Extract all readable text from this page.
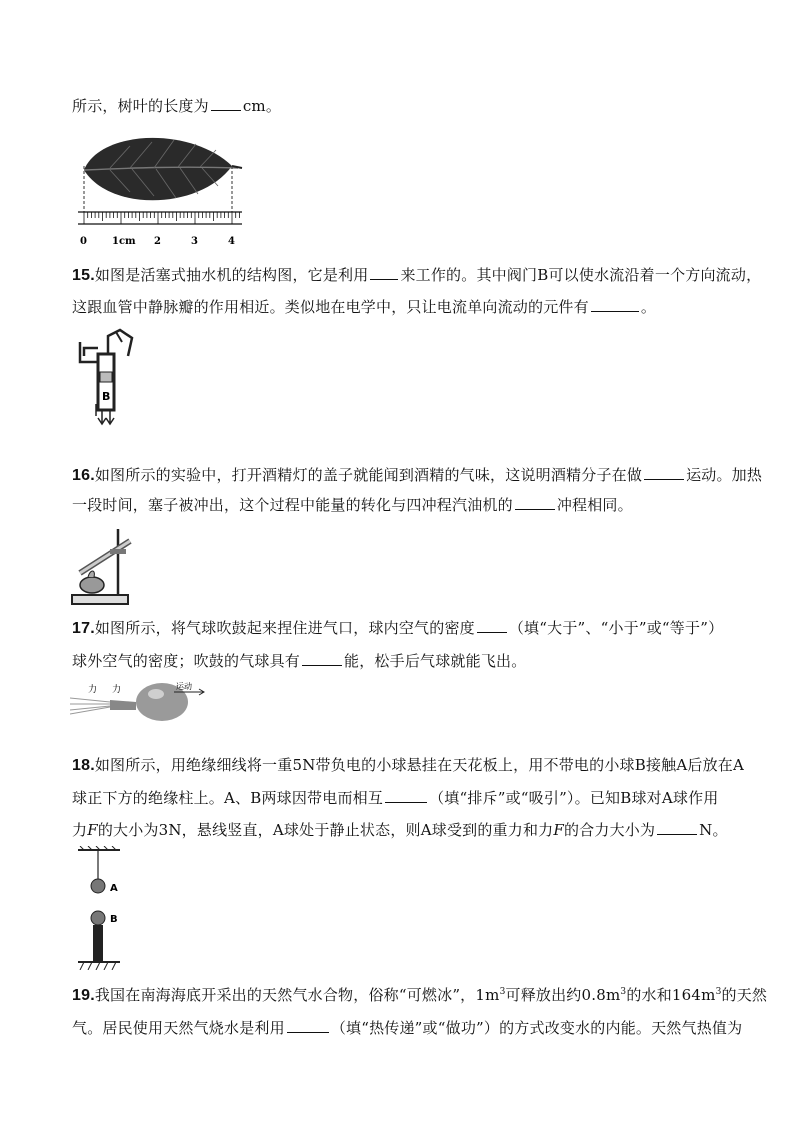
所示，树叶的长度为 cm。
0	1cm 2	3	4
15.如图是活塞式抽水机的结构图，它是利用 来工作的。其中阀门B可以使水流沿着一个方向流动，
这跟血管中静脉瓣的作用相近。类似地在电学中，只让电流单向流动的元件有	。
B
16.如图所示的实验中，打开酒精灯的盖子就能闻到酒精的气味，这说明酒精分子在做	运动。加热
一段时间，塞子被冲出，这个过程中能量的转化与四冲程汽油机的	冲程相同。
17.如图所示，将气球吹鼓起来捏住进气口，球内空气的密度 （填“大于”、“小于”或“等于”）
球外空气的密度；吹鼓的气球具有	能，松手后气球就能飞出。
力 力	运动
18.如图所示，用绝缘细线将一重5N带负电的小球悬挂在天花板上，用不带电的小球B接触A后放在A
球正下方的绝缘柱上。A、B两球因带电而相互	（填“排斥”或“吸引”）。已知B球对A球作用
力F的大小为3N，悬线竖直，A球处于静止状态，则A球受到的重力和力F的合力大小为	N。
A
B
19.我国在南海海底开采出的天然气水合物，俗称“可燃冰”，$1m^3$可释放出约$0.8m^3$的水和$164m^3$的天然
气。居民使用天然气烧水是利用	（填“热传递”或“做功”）的方式改变水的内能。天然气热值为
